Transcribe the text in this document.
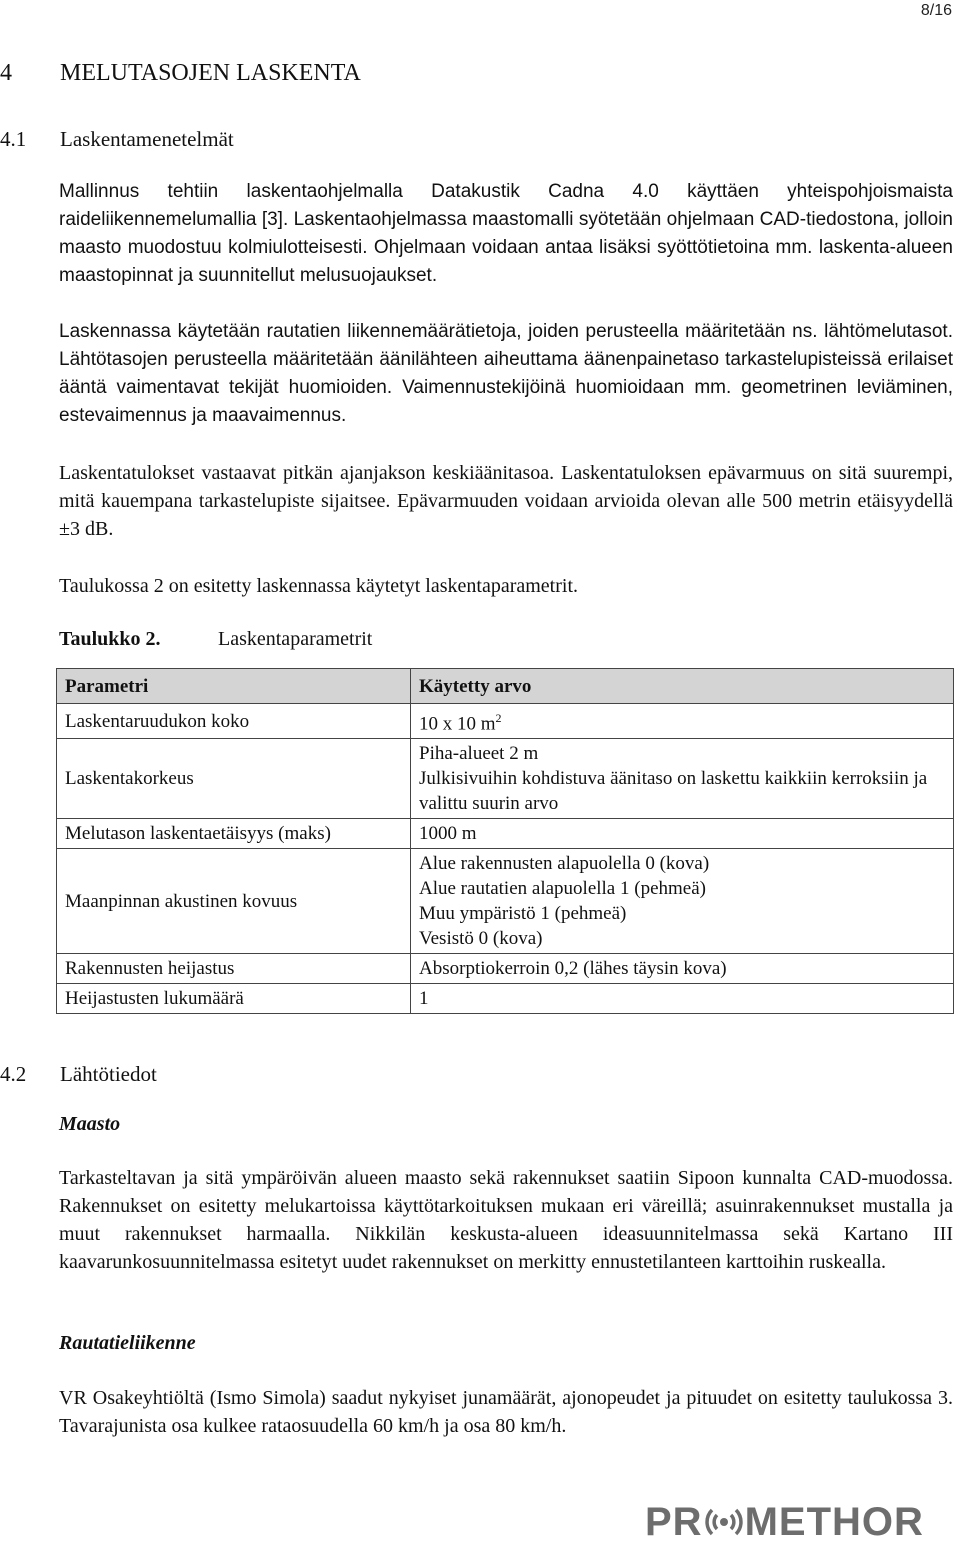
8/16
4 MELUTASOJEN LASKENTA
4.1 Laskentamenetelmät

Mallinnus tehtiin laskentaohjelmalla Datakustik Cadna 4.0 käyttäen yhteispohjoismaista raideliikennemelumallia [3]. Laskentaohjelmassa maastomalli syötetään ohjelmaan CAD-tiedostona, jolloin maasto muodostuu kolmiulotteisesti. Ohjelmaan voidaan antaa lisäksi syöttötietoina mm. laskenta-alueen maastopinnat ja suunnitellut melusuojaukset.

Laskennassa käytetään rautatien liikennemäärätietoja, joiden perusteella määritetään ns. lähtömelutasot. Lähtötasojen perusteella määritetään äänilähteen aiheuttama äänenpainetaso tarkastelupisteissä erilaiset ääntä vaimentavat tekijät huomioiden. Vaimennustekijöinä huomioidaan mm. geometrinen leviäminen, estevaimennus ja maavaimennus.

Laskentatulokset vastaavat pitkän ajanjakson keskiäänitasoa. Laskentatuloksen epävarmuus on sitä suurempi, mitä kauempana tarkastelupiste sijaitsee. Epävarmuuden voidaan arvioida olevan alle 500 metrin etäisyydellä ±3 dB.

Taulukossa 2 on esitetty laskennassa käytetyt laskentaparametrit.

Taulukko 2.	Laskentaparametrit
Parametri	Käytetty arvo
Laskentaruudukon koko	10 x 10 $m^2$
Laskentakorkeus	Piha-alueet 2 m
Julkisivuihin kohdistuva äänitaso on laskettu kaikkiin kerroksiin ja valittu suurin arvo

Melutason laskentaetäisyys (maks)	1000 m
Maanpinnan akustinen kovuus	Alue rakennusten alapuolella 0 (kova)
Alue rautatien alapuolella 1 (pehmeä)
Muu ympäristö 1 (pehmeä)
Vesistö 0 (kova)

Rakennusten heijastus	Absorptiokerroin 0,2 (lähes täysin kova)
Heijastusten lukumäärä	1
4.2 Lähtötiedot
Maasto

Tarkasteltavan ja sitä ympäröivän alueen maasto sekä rakennukset saatiin Sipoon kunnalta CAD-muodossa. Rakennukset on esitetty melukartoissa käyttötarkoituksen mukaan eri väreillä; asuinrakennukset mustalla ja muut rakennukset harmaalla. Nikkilän keskusta-alueen ideasuunnitelmassa sekä Kartano III kaavarunkosuunnitelmassa esitetyt uudet rakennukset on merkitty ennustetilanteen karttoihin ruskealla.

Rautatieliikenne

VR Osakeyhtiöltä (Ismo Simola) saadut nykyiset junamäärät, ajonopeudet ja pituudet on esitetty taulukossa 3. Tavarajunista osa kulkee rataosuudella 60 km/h ja osa 80 km/h.

PR METHOR
